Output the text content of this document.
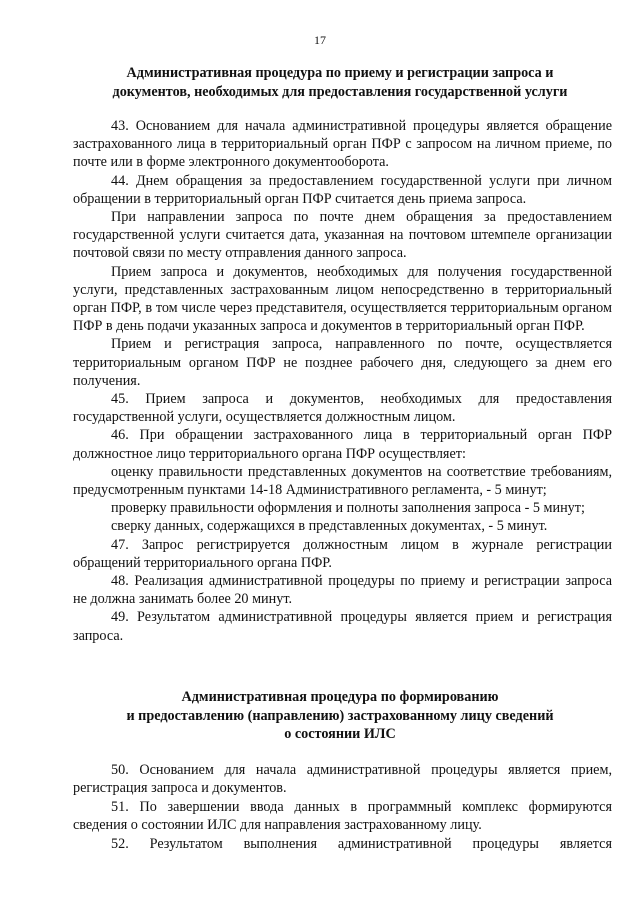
17
Административная процедура по приему и регистрации запроса и
документов, необходимых для предоставления государственной услуги

43. Основанием для начала административной процедуры является обращение застрахованного лица в территориальный орган ПФР с запросом на личном приеме, по почте или в форме электронного документооборота.

44. Днем обращения за предоставлением государственной услуги при личном обращении в территориальный орган ПФР считается день приема запроса.

При направлении запроса по почте днем обращения за предоставлением государственной услуги считается дата, указанная на почтовом штемпеле организации почтовой связи по месту отправления данного запроса.

Прием запроса и документов, необходимых для получения государственной услуги, представленных застрахованным лицом непосредственно в территориальный орган ПФР, в том числе через представителя, осуществляется территориальным органом ПФР в день подачи указанных запроса и документов в территориальный орган ПФР.

Прием и регистрация запроса, направленного по почте, осуществляется территориальным органом ПФР не позднее рабочего дня, следующего за днем его получения.

45. Прием запроса и документов, необходимых для предоставления государственной услуги, осуществляется должностным лицом.

46. При обращении застрахованного лица в территориальный орган ПФР должностное лицо территориального органа ПФР осуществляет:

оценку правильности представленных документов на соответствие требованиям, предусмотренным пунктами 14-18 Административного регламента, - 5 минут;

проверку правильности оформления и полноты заполнения запроса - 5 минут;

сверку данных, содержащихся в представленных документах, - 5 минут.

47. Запрос регистрируется должностным лицом в журнале регистрации обращений территориального органа ПФР.

48. Реализация административной процедуры по приему и регистрации запроса не должна занимать более 20 минут.

49. Результатом административной процедуры является прием и регистрация запроса.

Административная процедура по формированию
и предоставлению (направлению) застрахованному лицу сведений
о состоянии ИЛС

50. Основанием для начала административной процедуры является прием, регистрация запроса и документов.

51. По завершении ввода данных в программный комплекс формируются сведения о состоянии ИЛС для направления застрахованному лицу.

52. Результатом выполнения административной процедуры является
